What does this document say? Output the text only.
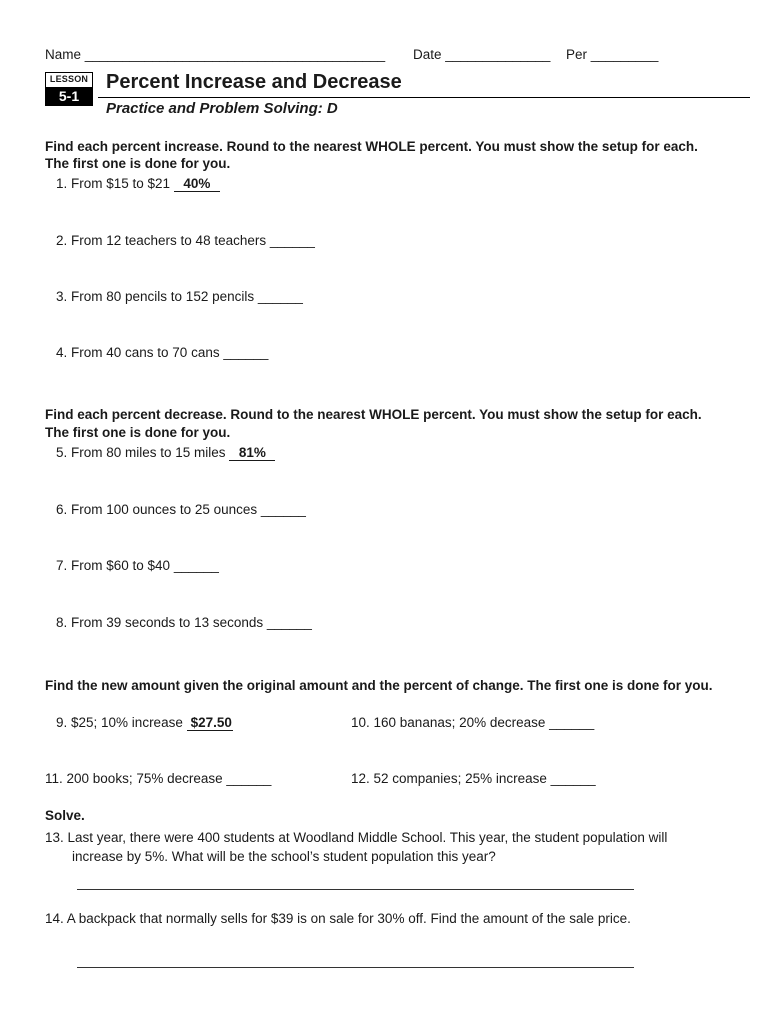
Name ________________________________________ Date ______________ Per _________
LESSON
5-1
Percent Increase and Decrease
Practice and Problem Solving: D
Find each percent increase. Round to the nearest WHOLE percent. You must show the setup for each.
The first one is done for you.
1. From $15 to $21 40%
2. From 12 teachers to 48 teachers ______
3. From 80 pencils to 152 pencils ______
4. From 40 cans to 70 cans ______
Find each percent decrease. Round to the nearest WHOLE percent. You must show the setup for each.
The first one is done for you.
5. From 80 miles to 15 miles 81%
6. From 100 ounces to 25 ounces ______
7. From $60 to $40 ______
8. From 39 seconds to 13 seconds ______
Find the new amount given the original amount and the percent of change. The first one is done for you.
9. $25; 10% increase $27.50	10. 160 bananas; 20% decrease ______
11. 200 books; 75% decrease ______	12. 52 companies; 25% increase ______
Solve.
13. Last year, there were 400 students at Woodland Middle School. This year, the student population will
increase by 5%. What will be the school’s student population this year?
14. A backpack that normally sells for $39 is on sale for 30% off. Find the amount of the sale price.
